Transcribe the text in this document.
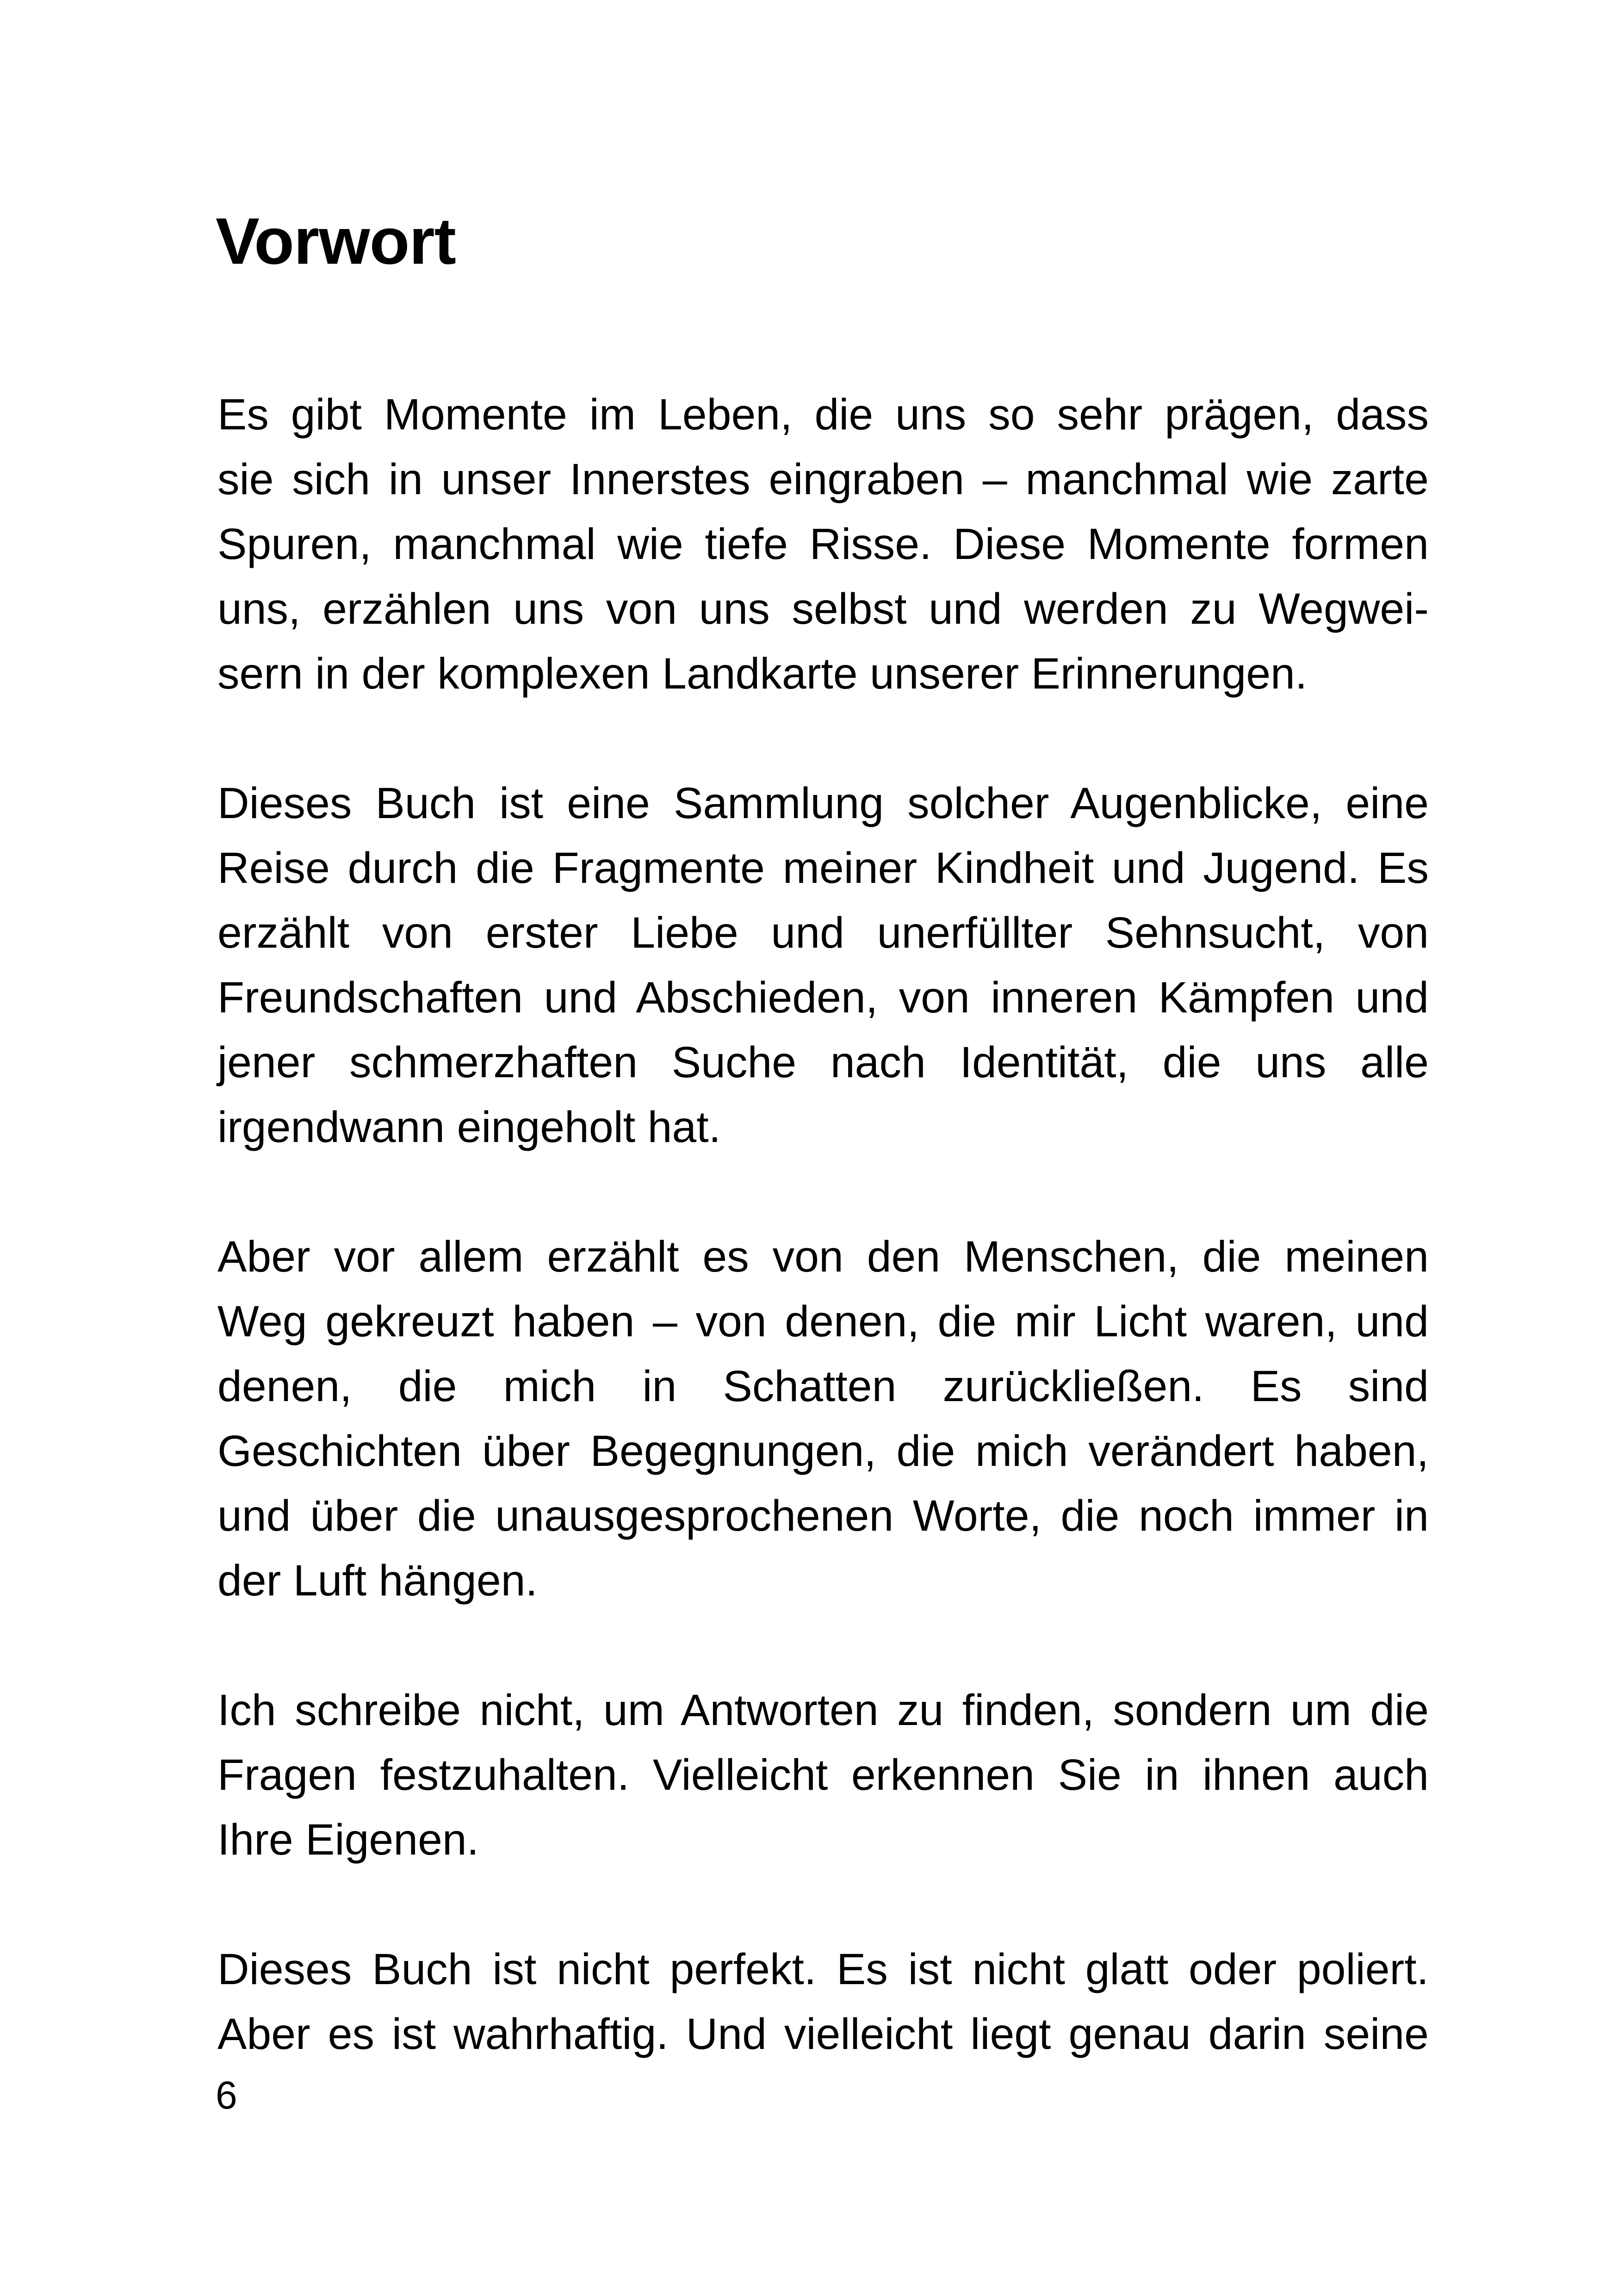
Vorwort

Es gibt Momente im Leben, die uns so sehr prägen, dass

sie sich in unser Innerstes eingraben – manchmal wie zarte

Spuren, manchmal wie tiefe Risse. Diese Momente formen

uns, erzählen uns von uns selbst und werden zu Wegwei-

sern in der komplexen Landkarte unserer Erinnerungen.

Dieses Buch ist eine Sammlung solcher Augenblicke, eine

Reise durch die Fragmente meiner Kindheit und Jugend. Es

erzählt von erster Liebe und unerfüllter Sehnsucht, von

Freundschaften und Abschieden, von inneren Kämpfen und

jener schmerzhaften Suche nach Identität, die uns alle

irgendwann eingeholt hat.

Aber vor allem erzählt es von den Menschen, die meinen

Weg gekreuzt haben – von denen, die mir Licht waren, und

denen, die mich in Schatten zurückließen. Es sind

Geschichten über Begegnungen, die mich verändert haben,

und über die unausgesprochenen Worte, die noch immer in

der Luft hängen.

Ich schreibe nicht, um Antworten zu finden, sondern um die

Fragen festzuhalten. Vielleicht erkennen Sie in ihnen auch

Ihre Eigenen.

Dieses Buch ist nicht perfekt. Es ist nicht glatt oder poliert.

Aber es ist wahrhaftig. Und vielleicht liegt genau darin seine

6
